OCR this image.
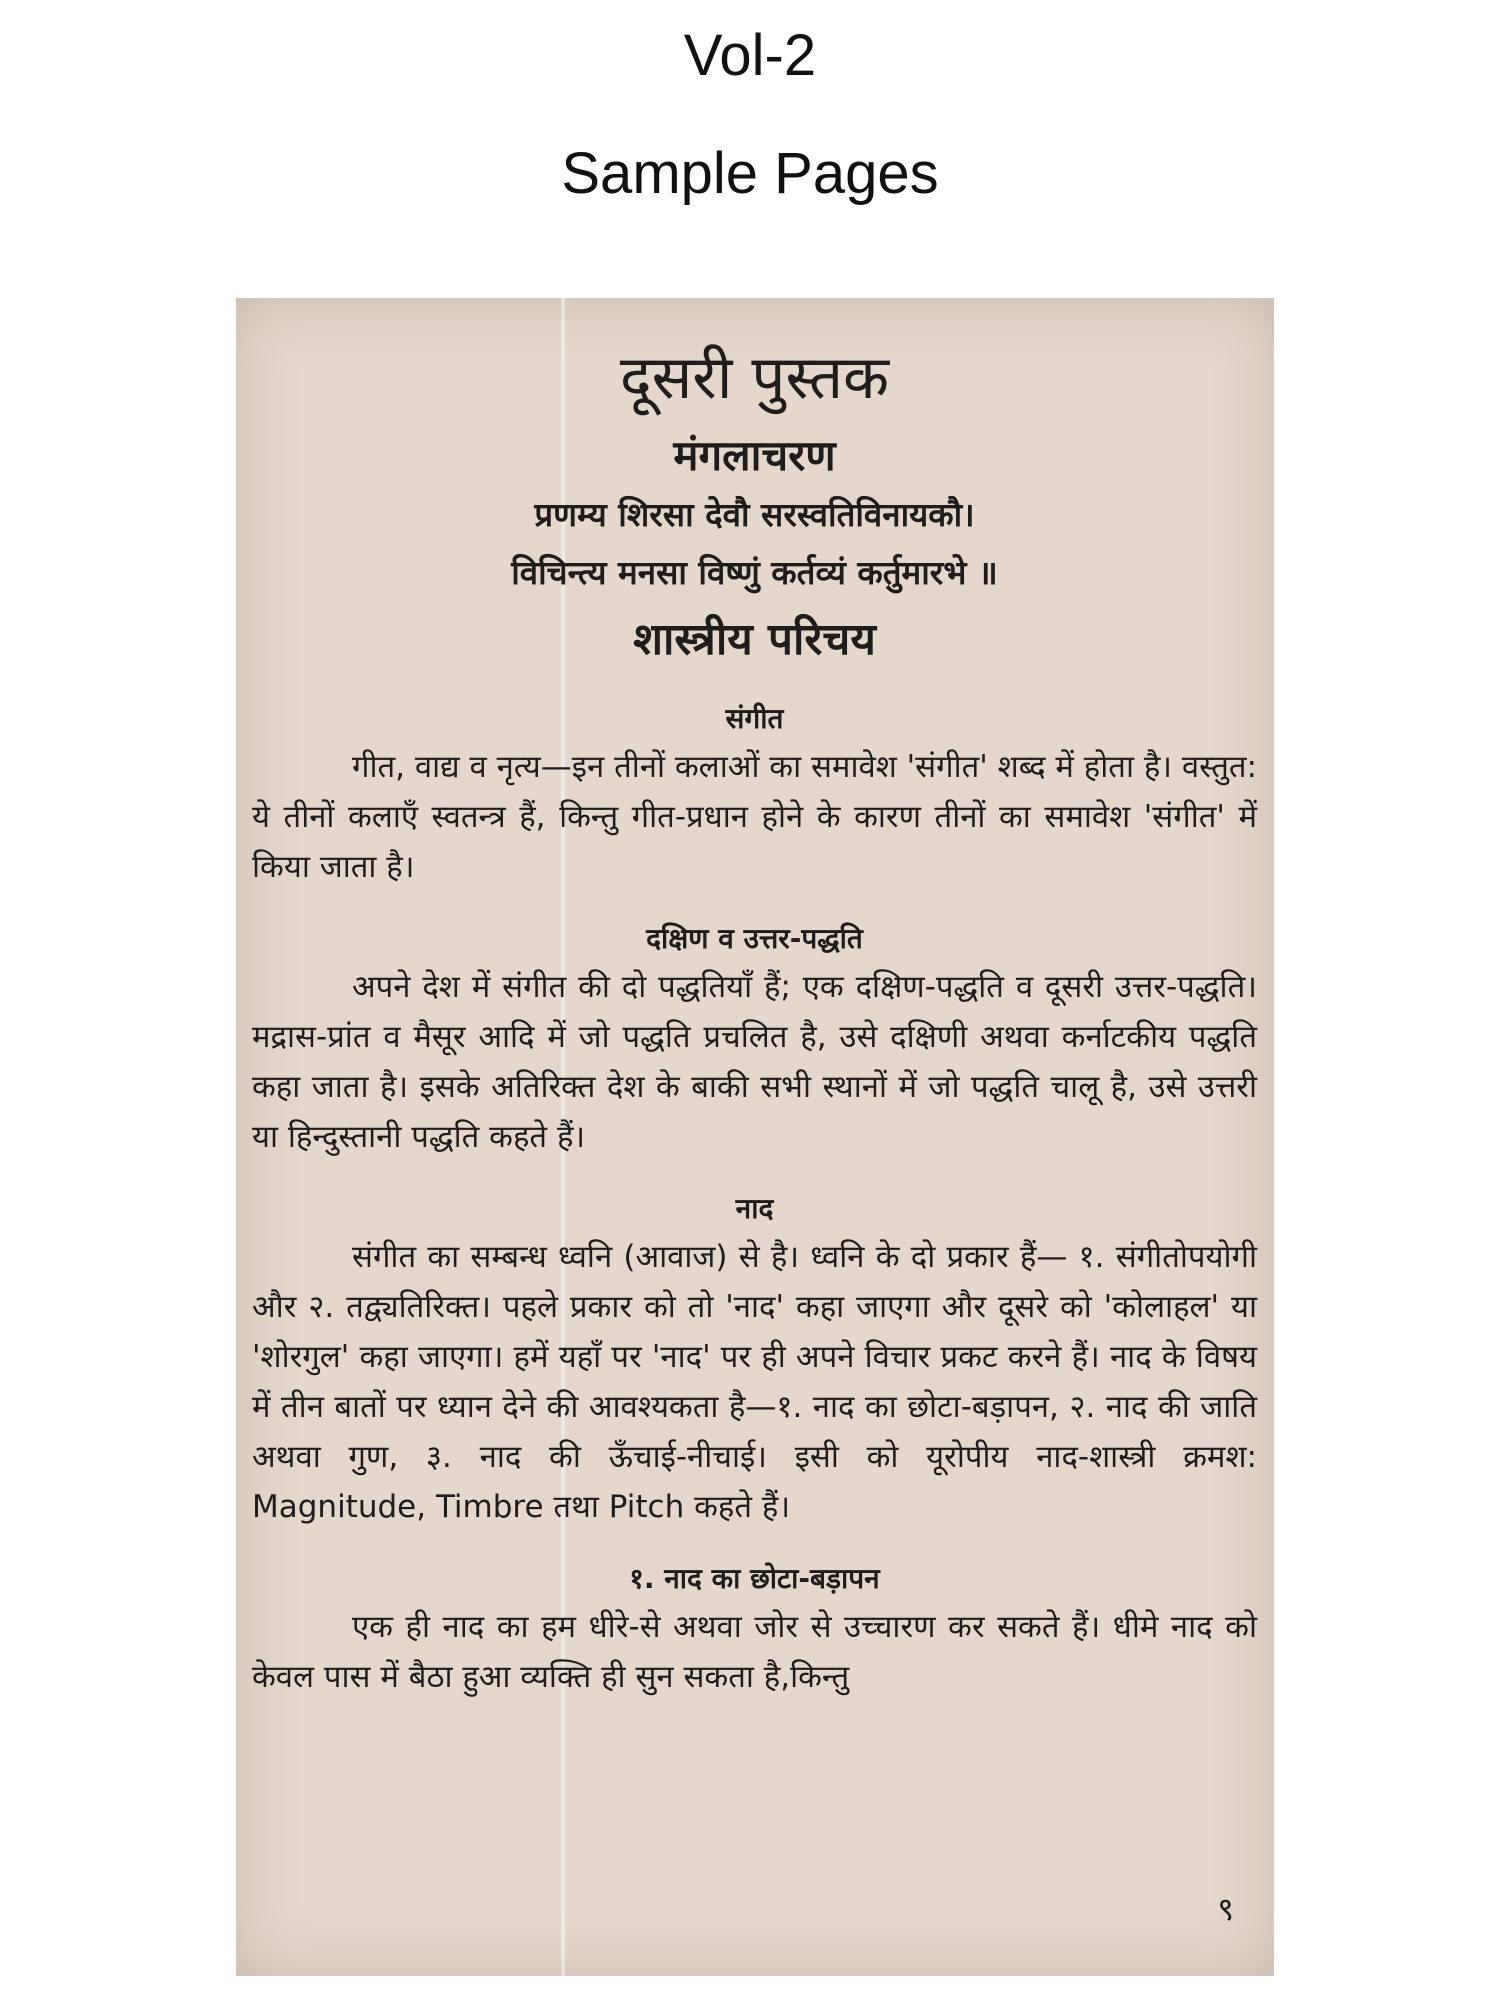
Vol-2
Sample Pages
दूसरी पुस्तक
मंगलाचरण
प्रणम्य शिरसा देवौ सरस्वतिविनायकौ।
विचिन्त्य मनसा विष्णुं कर्तव्यं कर्तुमारभे ॥
शास्त्रीय परिचय
संगीत

गीत, वाद्य व नृत्य—इन तीनों कलाओं का समावेश 'संगीत' शब्द में होता है। वस्तुत: ये तीनों कलाएँ स्वतन्त्र हैं, किन्तु गीत-प्रधान होने के कारण तीनों का समावेश 'संगीत' में किया जाता है।

दक्षिण व उत्तर-पद्धति

अपने देश में संगीत की दो पद्धतियाँ हैं; एक दक्षिण-पद्धति व दूसरी उत्तर-पद्धति। मद्रास-प्रांत व मैसूर आदि में जो पद्धति प्रचलित है, उसे दक्षिणी अथवा कर्नाटकीय पद्धति कहा जाता है। इसके अतिरिक्त देश के बाकी सभी स्थानों में जो पद्धति चालू है, उसे उत्तरी या हिन्दुस्तानी पद्धति कहते हैं।

नाद

संगीत का सम्बन्ध ध्वनि (आवाज) से है। ध्वनि के दो प्रकार हैं— १. संगीतोपयोगी और २. तद्व्यतिरिक्त। पहले प्रकार को तो 'नाद' कहा जाएगा और दूसरे को 'कोलाहल' या 'शोरगुल' कहा जाएगा। हमें यहाँ पर 'नाद' पर ही अपने विचार प्रकट करने हैं। नाद के विषय में तीन बातों पर ध्यान देने की आवश्यकता है—१. नाद का छोटा-बड़ापन, २. नाद की जाति अथवा गुण, ३. नाद की ऊँचाई-नीचाई। इसी को यूरोपीय नाद-शास्त्री क्रमश: Magnitude, Timbre तथा Pitch कहते हैं।

१. नाद का छोटा-बड़ापन

एक ही नाद का हम धीरे-से अथवा जोर से उच्चारण कर सकते हैं। धीमे नाद को केवल पास में बैठा हुआ व्यक्ति ही सुन सकता है,किन्तु

९
